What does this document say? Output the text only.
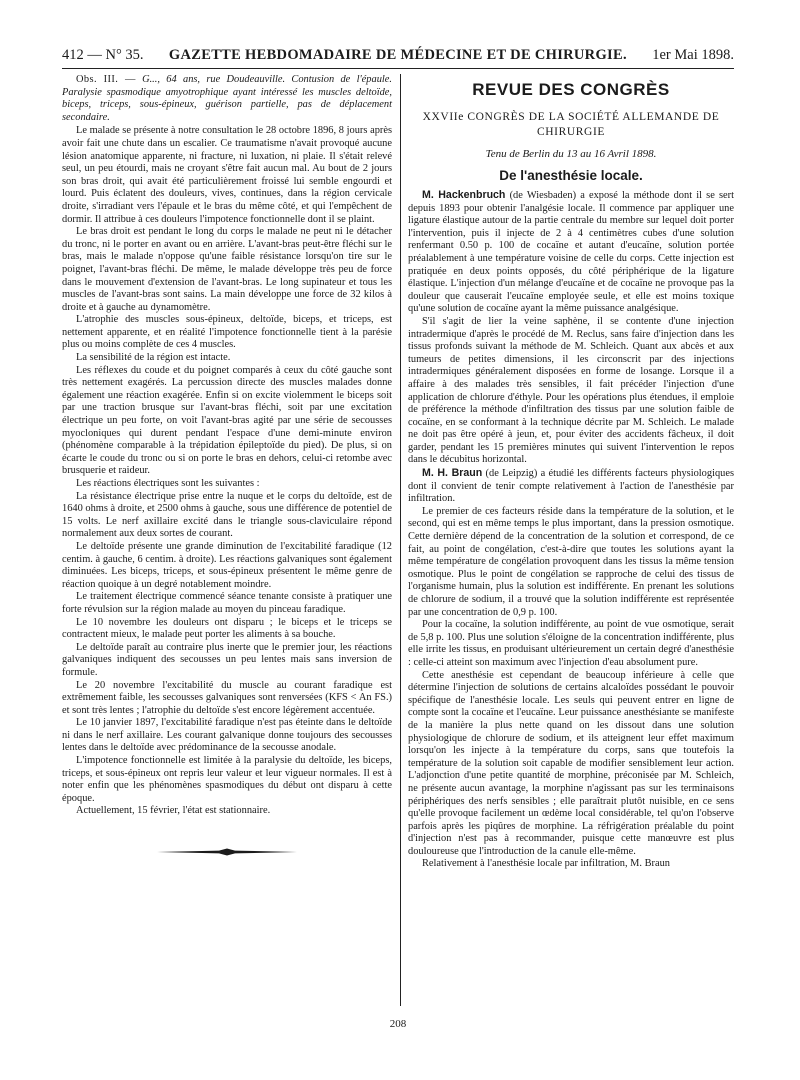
412 — N° 35. GAZETTE HEBDOMADAIRE DE MÉDECINE ET DE CHIRURGIE. 1er Mai 1898.

Obs. III. — G..., 64 ans, rue Doudeauville. Contusion de l'épaule. Paralysie spasmodique amyotrophique ayant intéressé les muscles deltoïde, biceps, triceps, sous-épineux, guérison partielle, pas de déplacement secondaire.

Le malade se présente à notre consultation le 28 octobre 1896, 8 jours après avoir fait une chute dans un escalier. Ce traumatisme n'avait provoqué aucune lésion anatomique apparente, ni fracture, ni luxation, ni plaie. Il s'était relevé seul, un peu étourdi, mais ne croyant s'être fait aucun mal. Au bout de 2 jours son bras droit, qui avait été particulièrement froissé lui semble engourdi et lourd. Puis éclatent des douleurs, vives, continues, dans la région cervicale droite, s'irradiant vers l'épaule et le bras du même côté, et qui l'empêchent de dormir. Il attribue à ces douleurs l'impotence fonctionnelle dont il se plaint.

Le bras droit est pendant le long du corps le malade ne peut ni le détacher du tronc, ni le porter en avant ou en arrière. L'avant-bras peut-être fléchi sur le bras, mais le malade n'oppose qu'une faible résistance lorsqu'on tire sur le poignet, l'avant-bras fléchi. De même, le malade développe très peu de force dans le mouvement d'extension de l'avant-bras. Le long supinateur et tous les muscles de l'avant-bras sont sains. La main développe une force de 32 kilos à droite et à gauche au dynamomètre.

L'atrophie des muscles sous-épineux, deltoïde, biceps, et triceps, est nettement apparente, et en réalité l'impotence fonctionnelle tient à la parésie plus ou moins complète de ces 4 muscles.

La sensibilité de la région est intacte.

Les réflexes du coude et du poignet comparés à ceux du côté gauche sont très nettement exagérés. La percussion directe des muscles malades donne également une réaction exagérée. Enfin si on excite violemment le biceps soit par une traction brusque sur l'avant-bras fléchi, soit par une excitation électrique un peu forte, on voit l'avant-bras agité par une série de secousses myocloniques qui durent pendant l'espace d'une demi-minute environ (phénomène comparable à la trépidation épileptoïde du pied). De plus, si on écarte le coude du tronc ou si on porte le bras en dehors, celui-ci retombe avec brusquerie et raideur.

Les réactions électriques sont les suivantes :

La résistance électrique prise entre la nuque et le corps du deltoïde, est de 1640 ohms à droite, et 2500 ohms à gauche, sous une différence de potentiel de 15 volts. Le nerf axillaire excité dans le triangle sous-claviculaire répond normalement aux deux sortes de courant.

Le deltoïde présente une grande diminution de l'excitabilité faradique (12 centim. à gauche, 6 centim. à droite). Les réactions galvaniques sont également diminuées. Les biceps, triceps, et sous-épineux présentent le même genre de réaction quoique à un degré notablement moindre.

Le traitement électrique commencé séance tenante consiste à pratiquer une forte révulsion sur la région malade au moyen du pinceau faradique.

Le 10 novembre les douleurs ont disparu ; le biceps et le triceps se contractent mieux, le malade peut porter les aliments à sa bouche.

Le deltoïde paraît au contraire plus inerte que le premier jour, les réactions galvaniques indiquent des secousses un peu lentes mais sans inversion de formule.

Le 20 novembre l'excitabilité du muscle au courant faradique est extrêmement faible, les secousses galvaniques sont renversées (KFS < An FS.) et sont très lentes ; l'atrophie du deltoïde s'est encore légèrement accentuée.

Le 10 janvier 1897, l'excitabilité faradique n'est pas éteinte dans le deltoïde ni dans le nerf axillaire. Les courant galvanique donne toujours des secousses lentes dans le deltoïde avec prédominance de la secousse anodale.

L'impotence fonctionnelle est limitée à la paralysie du deltoïde, les biceps, triceps, et sous-épineux ont repris leur valeur et leur vigueur normales. Il est à noter enfin que les phénomènes spasmodiques du début ont disparu à cette époque.

Actuellement, 15 février, l'état est stationnaire.

REVUE DES CONGRÈS
XXVIIe CONGRÈS DE LA SOCIÉTÉ ALLEMANDE DE CHIRURGIE
Tenu de Berlin du 13 au 16 Avril 1898.
De l'anesthésie locale.

M. Hackenbruch (de Wiesbaden) a exposé la méthode dont il se sert depuis 1893 pour obtenir l'analgésie locale. Il commence par appliquer une ligature élastique autour de la partie centrale du membre sur lequel doit porter l'intervention, puis il injecte de 2 à 4 centimètres cubes d'une solution renfermant 0.50 p. 100 de cocaïne et autant d'eucaïne, solution portée préalablement à une température voisine de celle du corps. Cette injection est pratiquée en deux points opposés, du côté périphérique de la ligature élastique. L'injection d'un mélange d'eucaïne et de cocaïne ne provoque pas la douleur que causerait l'eucaïne employée seule, et elle est moins toxique qu'une solution de cocaïne ayant la même puissance analgésique.

S'il s'agit de lier la veine saphène, il se contente d'une injection intradermique d'après le procédé de M. Reclus, sans faire d'injection dans les tissus profonds suivant la méthode de M. Schleich. Quant aux abcès et aux tumeurs de petites dimensions, il les circonscrit par des injections intradermiques généralement disposées en forme de losange. Lorsque il a affaire à des malades très sensibles, il fait précéder l'injection d'une application de chlorure d'éthyle. Pour les opérations plus étendues, il emploie de préférence la méthode d'infiltration des tissus par une solution faible de cocaïne, en se conformant à la technique décrite par M. Schleich. Le malade ne doit pas être opéré à jeun, et, pour éviter des accidents fâcheux, il doit garder, pendant les 15 premières minutes qui suivent l'intervention le repos dans le décubitus horizontal.

M. H. Braun (de Leipzig) a étudié les différents facteurs physiologiques dont il convient de tenir compte relativement à l'action de l'anesthésie par infiltration.

Le premier de ces facteurs réside dans la température de la solution, et le second, qui est en même temps le plus important, dans la pression osmotique. Cette dernière dépend de la concentration de la solution et correspond, de ce fait, au point de congélation, c'est-à-dire que toutes les solutions ayant la même température de congélation provoquent dans les tissus la même tension osmotique. Plus le point de congélation se rapproche de celui des tissus de l'organisme humain, plus la solution est indifférente. En prenant les solutions de chlorure de sodium, il a trouvé que la solution indifférente est représentée par une concentration de 0,9 p. 100.

Pour la cocaïne, la solution indifférente, au point de vue osmotique, serait de 5,8 p. 100. Plus une solution s'éloigne de la concentration indifférente, plus elle irrite les tissus, en produisant ultérieurement un certain degré d'anesthésie : celle-ci atteint son maximum avec l'injection d'eau absolument pure.

Cette anesthésie est cependant de beaucoup inférieure à celle que détermine l'injection de solutions de certains alcaloïdes possédant le pouvoir spécifique de l'anesthésie locale. Les seuls qui peuvent entrer en ligne de compte sont la cocaïne et l'eucaïne. Leur puissance anesthésiante se manifeste de la manière la plus nette quand on les dissout dans une solution physiologique de chlorure de sodium, et ils atteignent leur effet maximum lorsqu'on les injecte à la température du corps, sans que toutefois la température de la solution soit capable de modifier sensiblement leur action. L'adjonction d'une petite quantité de morphine, préconisée par M. Schleich, ne présente aucun avantage, la morphine n'agissant pas sur les terminaisons périphériques des nerfs sensibles ; elle paraîtrait plutôt nuisible, en ce sens qu'elle provoque facilement un œdème local considérable, tel qu'on l'observe parfois après les piqûres de morphine. La réfrigération préalable du point d'injection n'est pas à recommander, puisque cette manœuvre est plus douloureuse que l'introduction de la canule elle-même.

Relativement à l'anesthésie locale par infiltration, M. Braun

208
